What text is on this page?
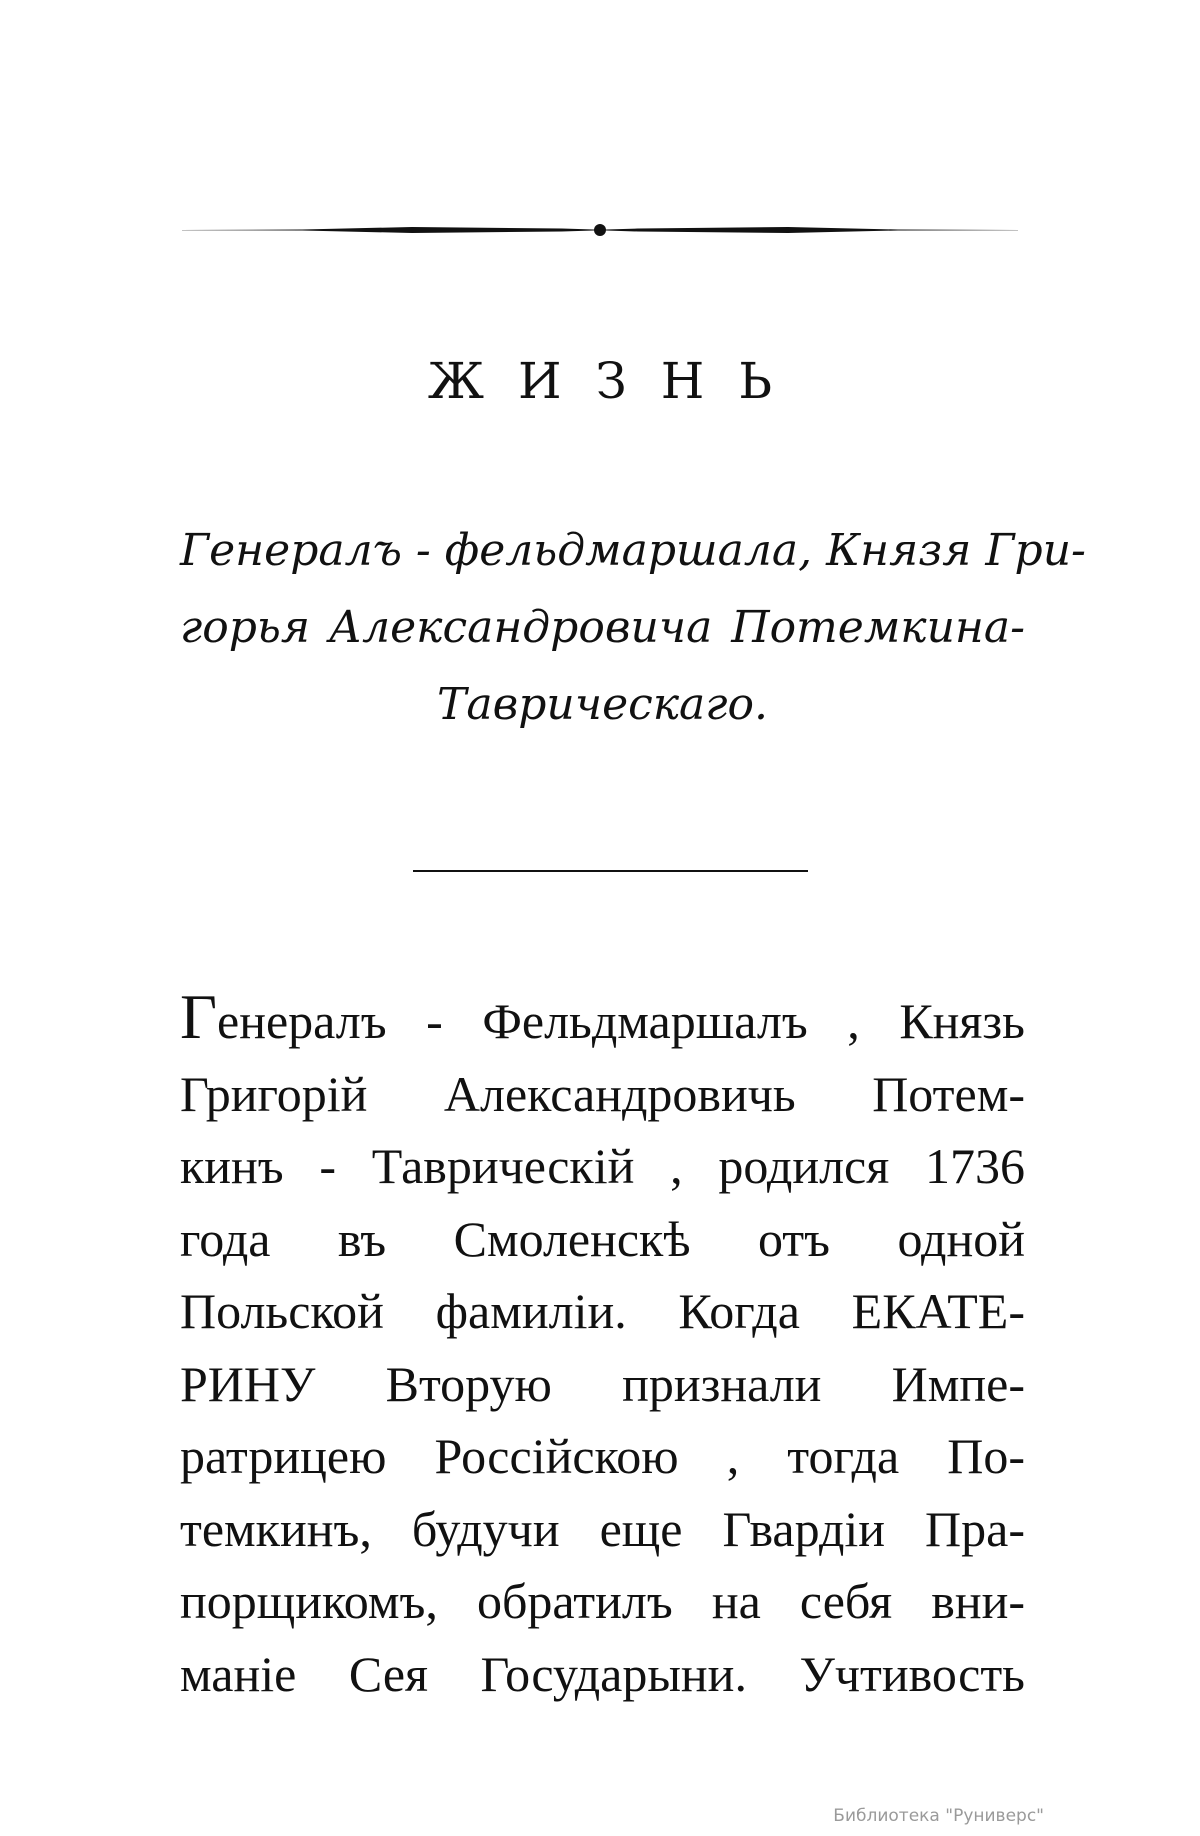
ЖИЗНЬ
Генералъ - фельдмаршала, Князя Гри-
горья Александровича Потемкина-
Таврическаго.
Генералъ - Фельдмаршалъ , Князь
Григорій Александровичь Потем-
кинъ - Таврическій , родился 1736
года въ Смоленскѣ отъ одной
Польской фамиліи. Когда ЕКАТЕ-
РИНУ Вторую признали Импе-
ратрицею Россійскою , тогда По-
темкинъ, будучи еще Гвардіи Пра-
порщикомъ, обратилъ на себя вни-
маніе Сея Государыни. Учтивость
Библиотека "Руниверс"
